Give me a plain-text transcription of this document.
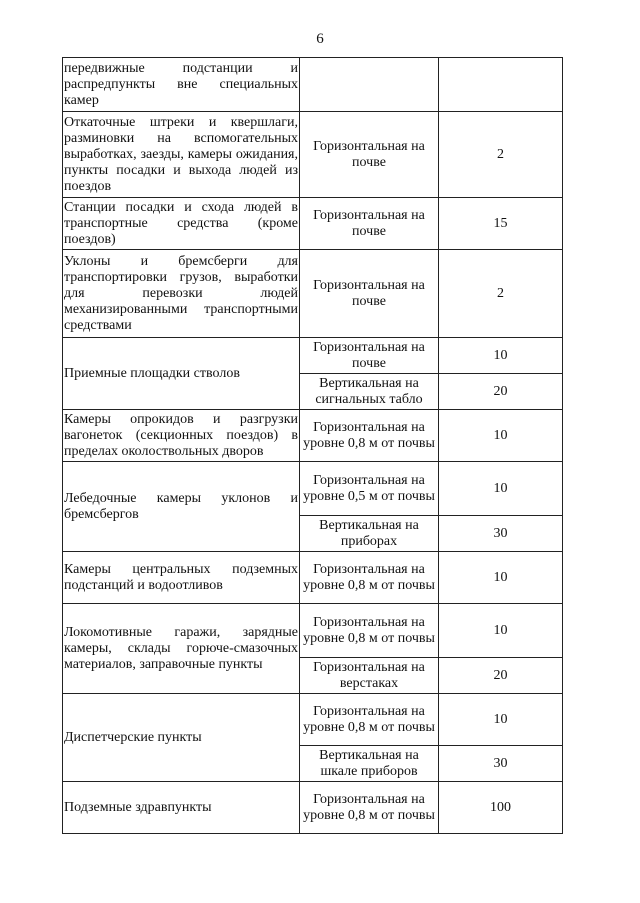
6
передвижные подстанции и распредпункты вне специальных камер		
Откаточные штреки и квершлаги, разминовки на вспомогательных выработках, заезды, камеры ожидания, пункты посадки и выхода людей из поездов	Горизонтальная на почве	2
Станции посадки и схода людей в транспортные средства (кроме поездов)	Горизонтальная на почве	15
Уклоны и бремсберги для транспортировки грузов, выработки для перевозки людей механизированными транспортными средствами	Горизонтальная на почве	2
Приемные площадки стволов	Горизонтальная на почве	10
	Вертикальная на сигнальных табло	20
Камеры опрокидов и разгрузки вагонеток (секционных поездов) в пределах околоствольных дворов	Горизонтальная на уровне 0,8 м от почвы	10
Лебедочные камеры уклонов и бремсбергов	Горизонтальная на уровне 0,5 м от почвы	10
	Вертикальная на приборах	30
Камеры центральных подземных подстанций и водоотливов	Горизонтальная на уровне 0,8 м от почвы	10
Локомотивные гаражи, зарядные камеры, склады горюче-смазочных материалов, заправочные пункты	Горизонтальная на уровне 0,8 м от почвы	10
	Горизонтальная на верстаках	20
Диспетчерские пункты	Горизонтальная на уровне 0,8 м от почвы	10
	Вертикальная на шкале приборов	30
Подземные здравпункты	Горизонтальная на уровне 0,8 м от почвы	100
